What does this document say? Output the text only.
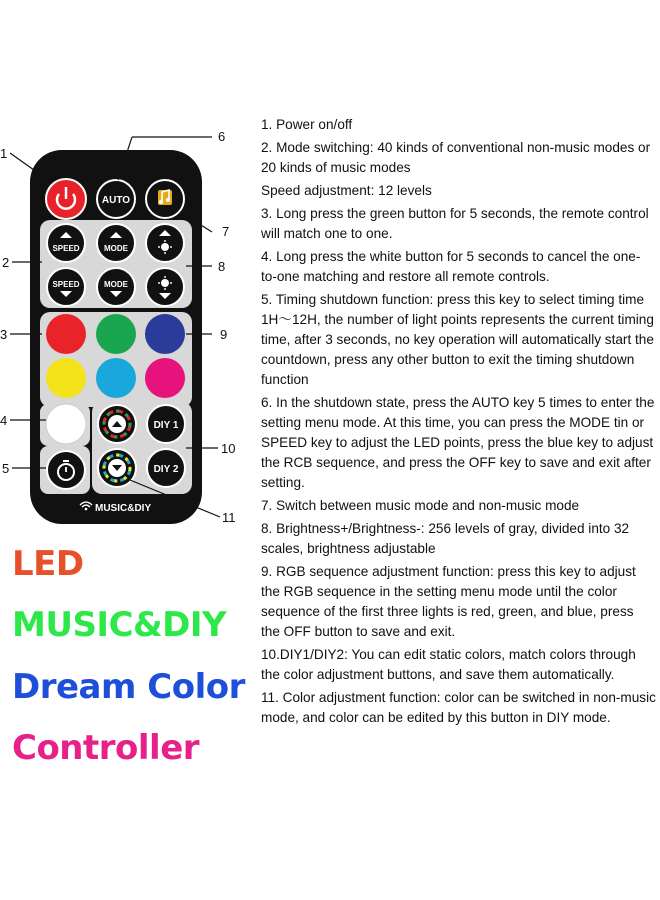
AUTO
SPEED	MODE
SPEED	MODE
DIY 1
DIY 2
MUSIC&DIY
1
2
3
4
5
6
7
8
9
10
11
LED
MUSIC&DIY
Dream Color
Controller

1. Power on/off

2. Mode switching: 40 kinds of conventional non-music modes or 20 kinds of music modes

Speed adjustment: 12 levels

3. Long press the green button for 5 seconds, the remote control will match one to one.

4. Long press the white button for 5 seconds to cancel the one-to-one matching and restore all remote controls.

5. Timing shutdown function: press this key to select timing time 1H～12H, the number of light points represents the current timing time, after 3 seconds, no key operation will automatically start the countdown, press any other button to exit the timing shutdown function

6. In the shutdown state, press the AUTO key 5 times to enter the setting menu mode. At this time, you can press the MODE tin or SPEED key to adjust the LED points, press the blue key to adjust the RCB sequence, and press the OFF key to save and exit after setting.

7. Switch between music mode and non-music mode

8. Brightness+/Brightness-: 256 levels of gray, divided into 32 scales, brightness adjustable

9. RGB sequence adjustment function: press this key to adjust the RGB sequence in the setting menu mode until the color sequence of the first three lights is red, green, and blue, press the OFF button to save and exit.

10.DIY1/DIY2: You can edit static colors, match colors through the color adjustment buttons, and save them automatically.

11. Color adjustment function: color can be switched in non-music mode, and color can be edited by this button in DIY mode.
